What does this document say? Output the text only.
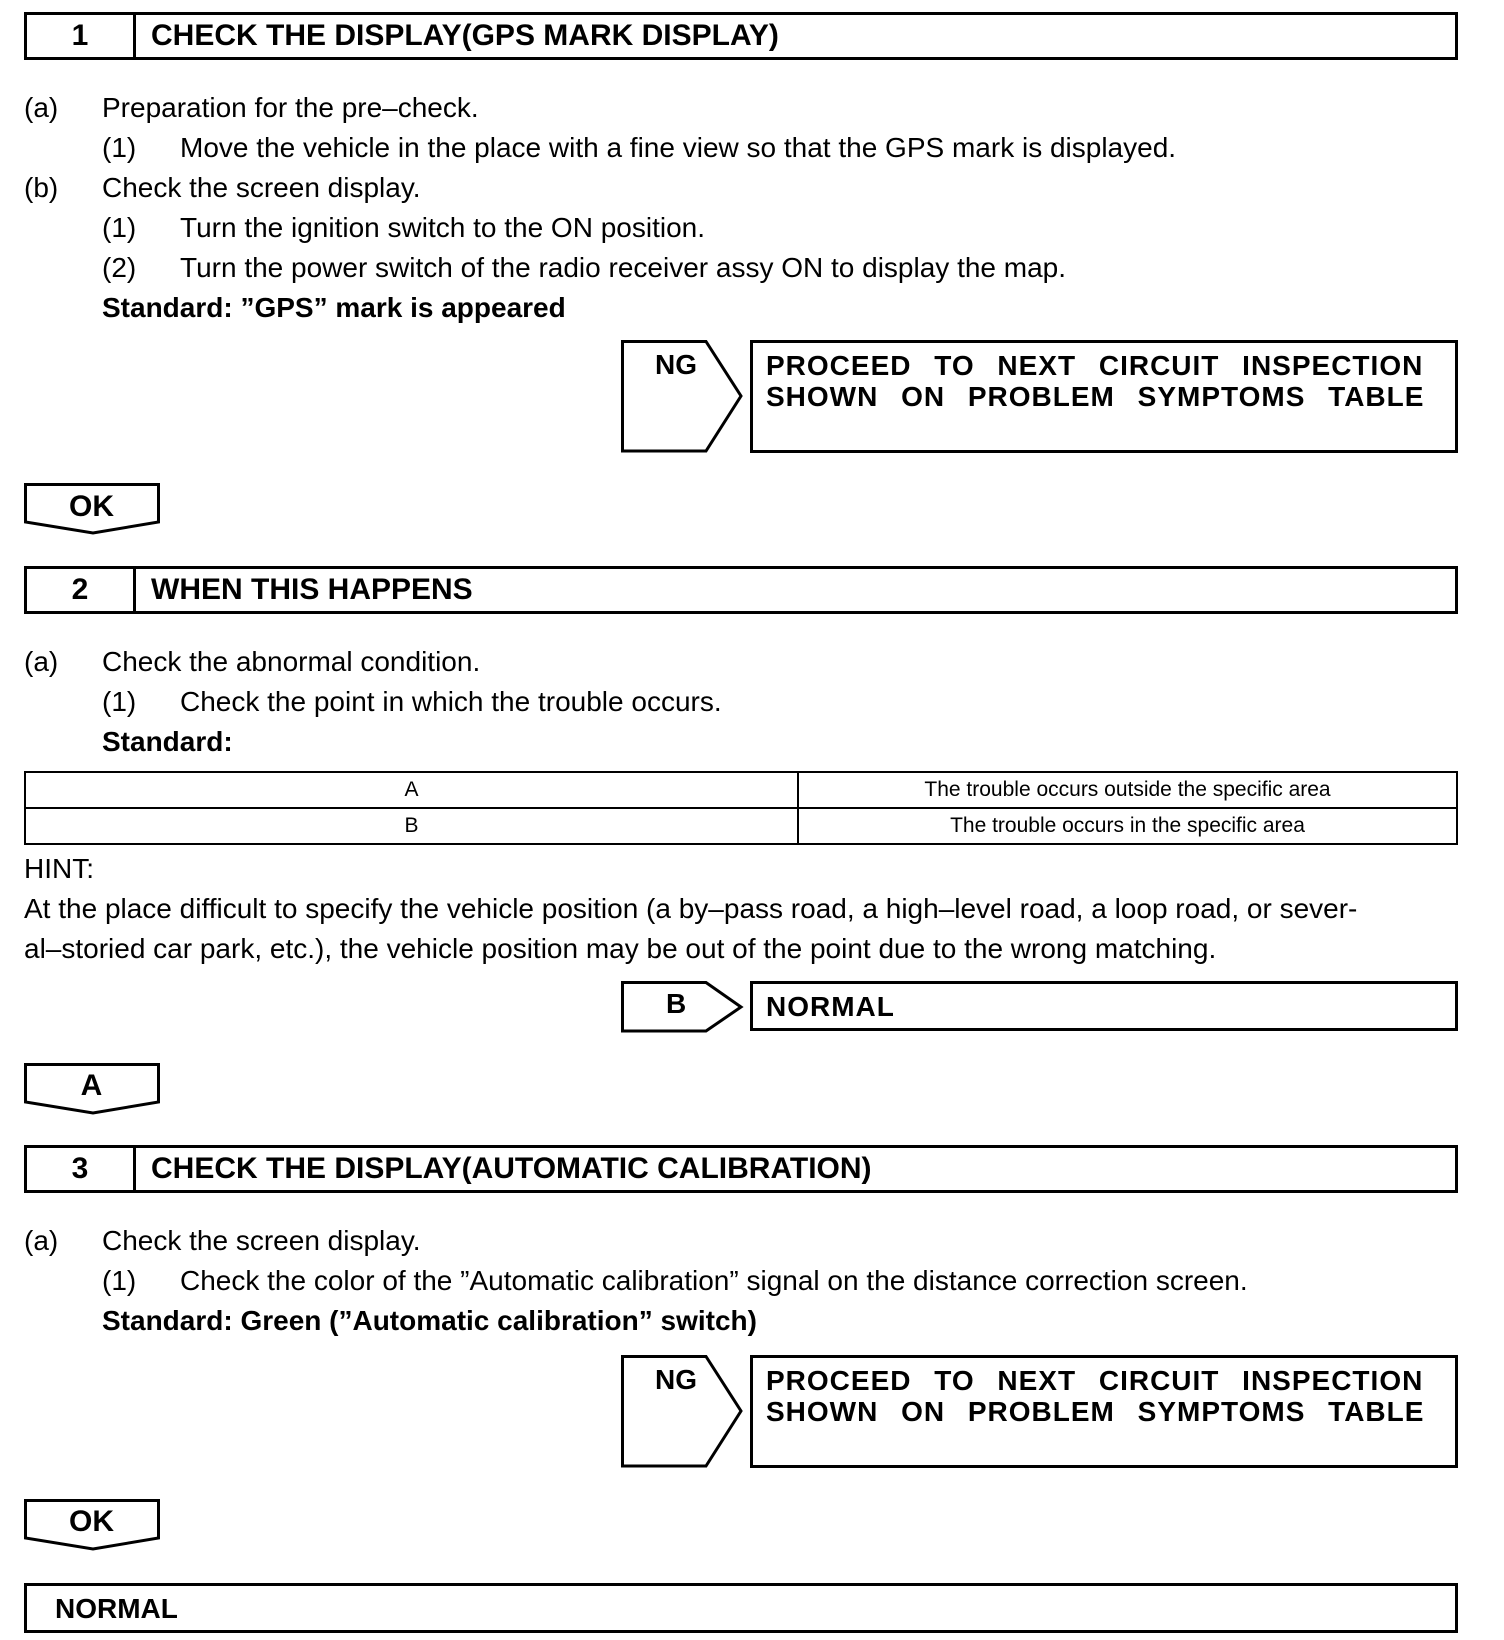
1	CHECK THE DISPLAY(GPS MARK DISPLAY)
(a) Preparation for the pre–check.
(1) Move the vehicle in the place with a fine view so that the GPS mark is displayed.
(b) Check the screen display.
(1) Turn the ignition switch to the ON position.
(2) Turn the power switch of the radio receiver assy ON to display the map.
Standard: ”GPS” mark is appeared
NG PROCEED TO NEXT CIRCUIT INSPECTION
SHOWN ON PROBLEM SYMPTOMS TABLE
OK
2	WHEN THIS HAPPENS
(a) Check the abnormal condition.
(1) Check the point in which the trouble occurs.
Standard:
A	The trouble occurs outside the specific area
B	The trouble occurs in the specific area
HINT:
At the place difficult to specify the vehicle position (a by–pass road, a high–level road, a loop road, or sever-
al–storied car park, etc.), the vehicle position may be out of the point due to the wrong matching.
B	NORMAL
A
3	CHECK THE DISPLAY(AUTOMATIC CALIBRATION)
(a) Check the screen display.
(1) Check the color of the ”Automatic calibration” signal on the distance correction screen.
Standard: Green (”Automatic calibration” switch)
NG PROCEED TO NEXT CIRCUIT INSPECTION
SHOWN ON PROBLEM SYMPTOMS TABLE
OK
NORMAL
